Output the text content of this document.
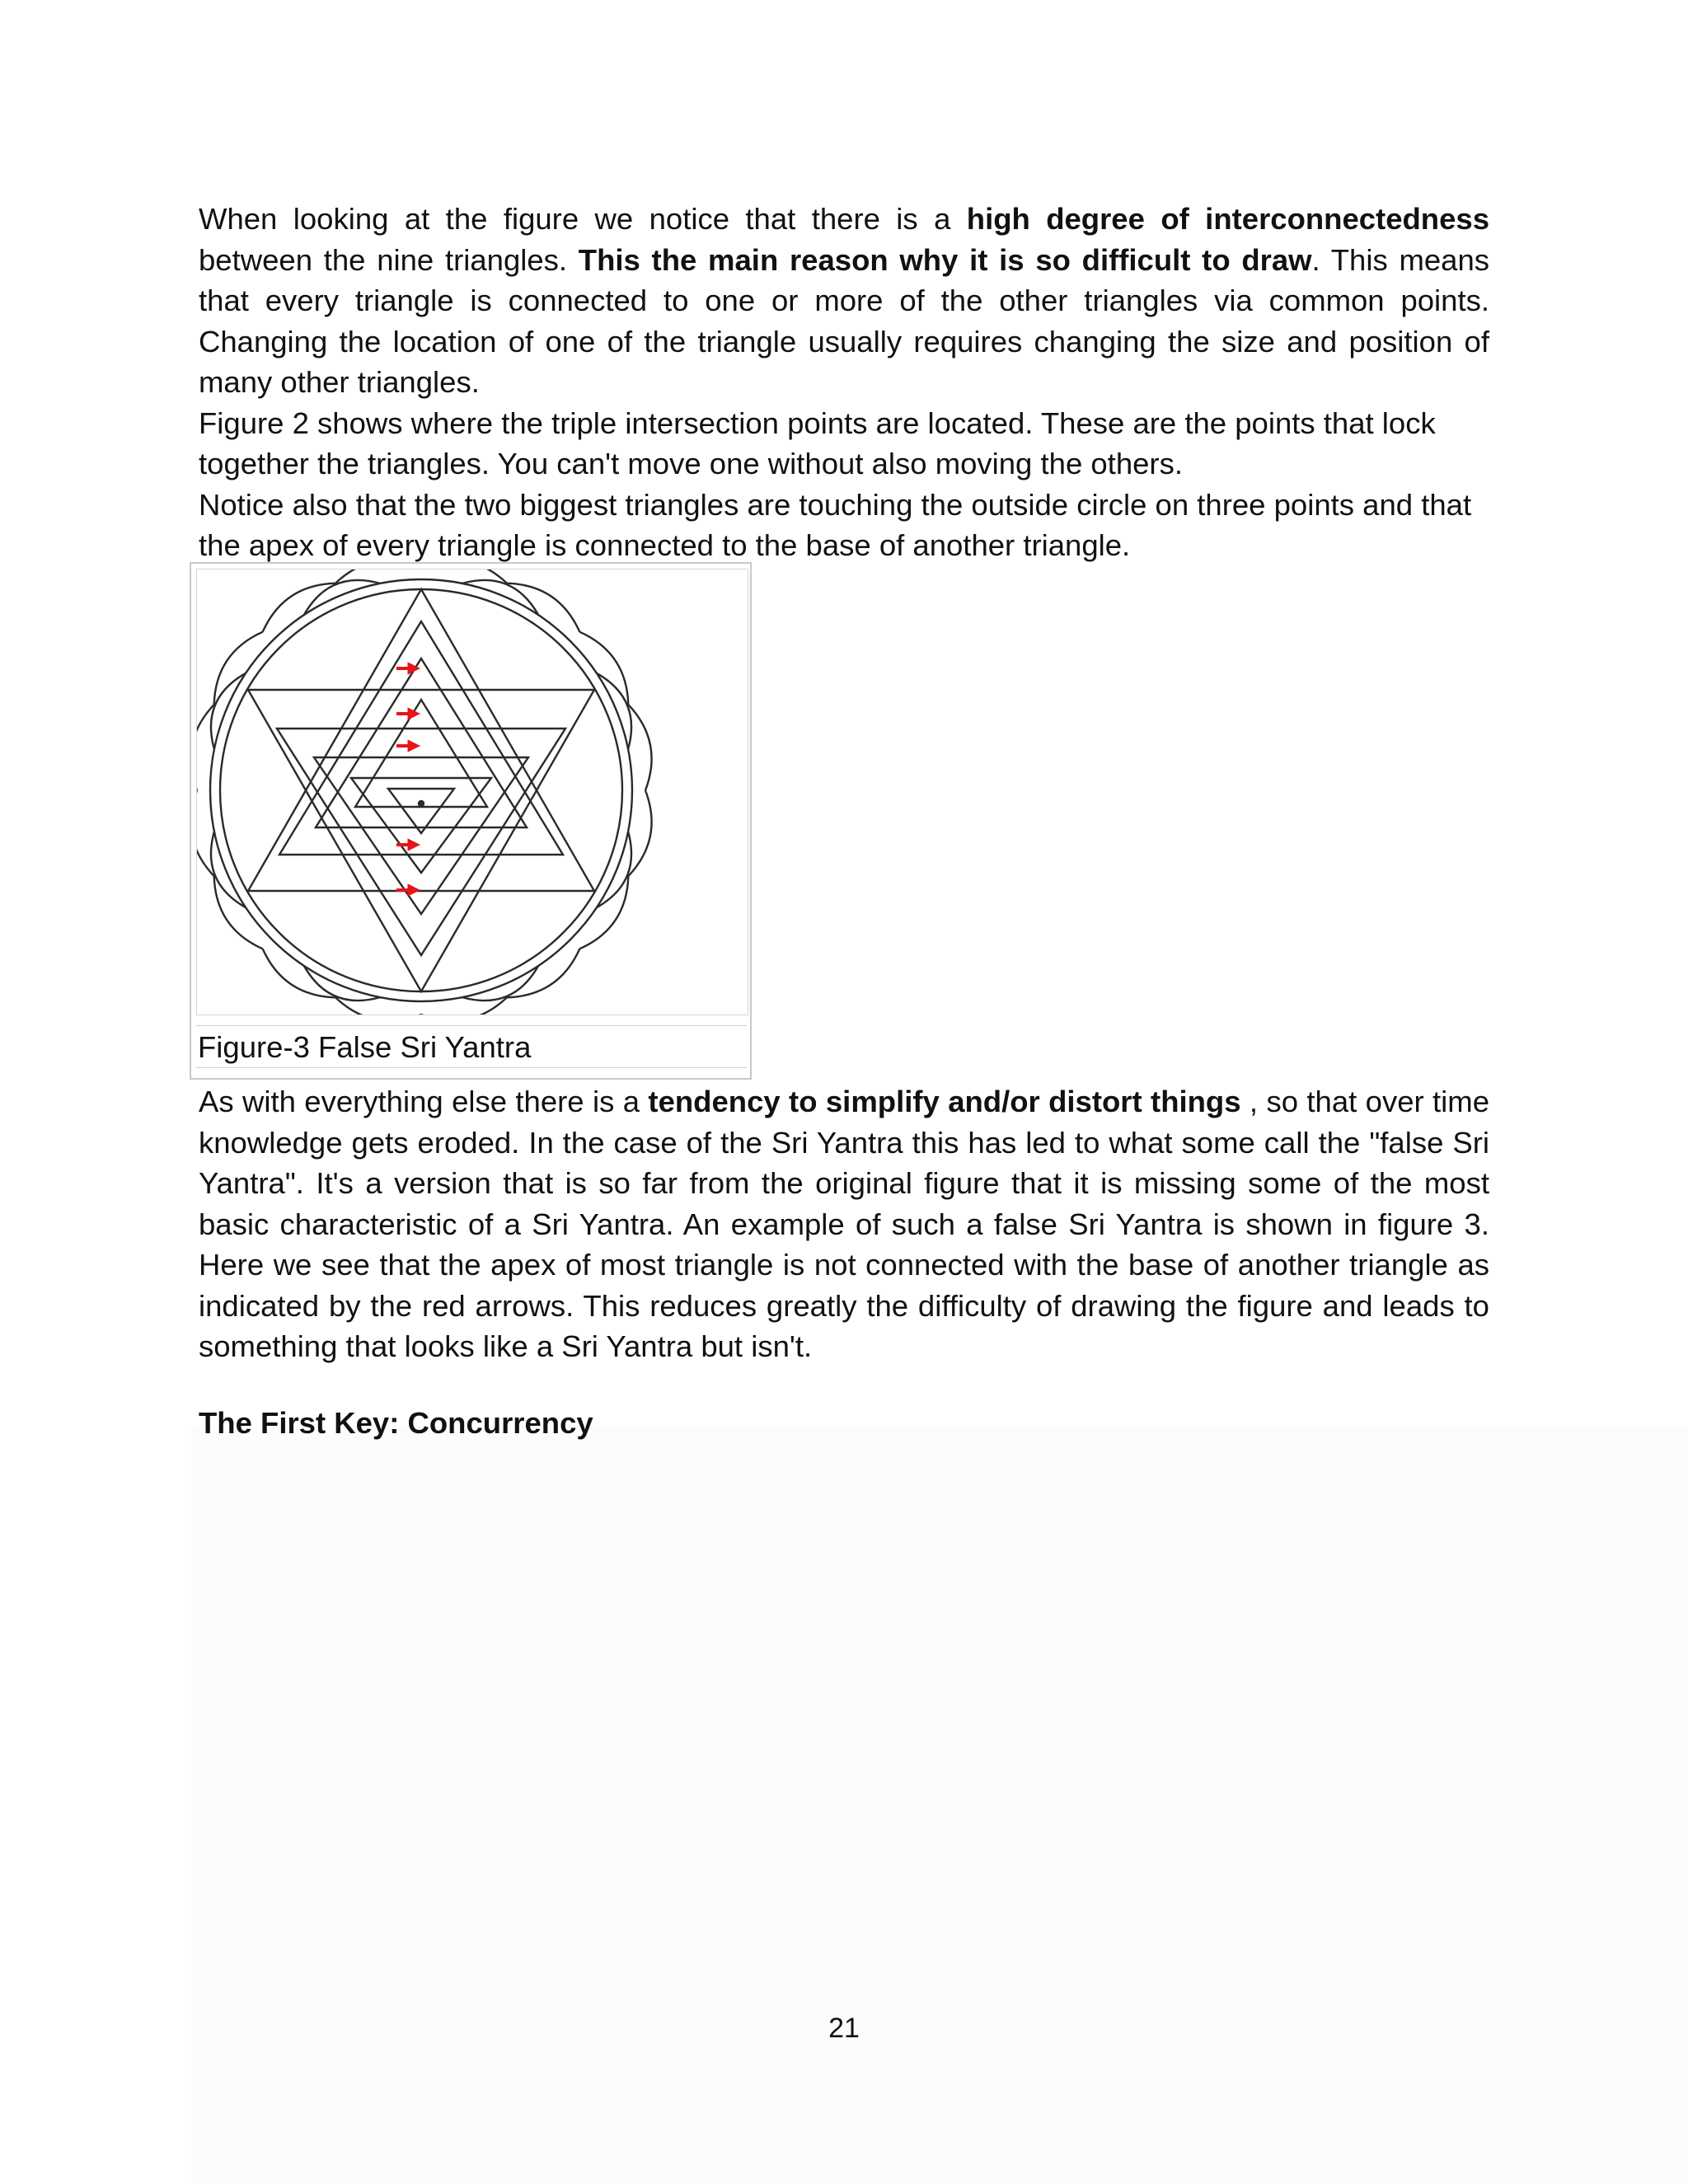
When looking at the figure we notice that there is a high degree of interconnectedness between the nine triangles. This the main reason why it is so difficult to draw. This means that every triangle is connected to one or more of the other triangles via common points. Changing the location of one of the triangle usually requires changing the size and position of many other triangles.

Figure 2 shows where the triple intersection points are located. These are the points that lock together the triangles. You can't move one without also moving the others.

Notice also that the two biggest triangles are touching the outside circle on three points and that the apex of every triangle is connected to the base of another triangle.

Figure-3 False Sri Yantra

As with everything else there is a tendency to simplify and/or distort things , so that over time knowledge gets eroded. In the case of the Sri Yantra this has led to what some call the "false Sri Yantra". It's a version that is so far from the original figure that it is missing some of the most basic characteristic of a Sri Yantra. An example of such a false Sri Yantra is shown in figure 3. Here we see that the apex of most triangle is not connected with the base of another triangle as indicated by the red arrows. This reduces greatly the difficulty of drawing the figure and leads to something that looks like a Sri Yantra but isn't.

The First Key: Concurrency
21
